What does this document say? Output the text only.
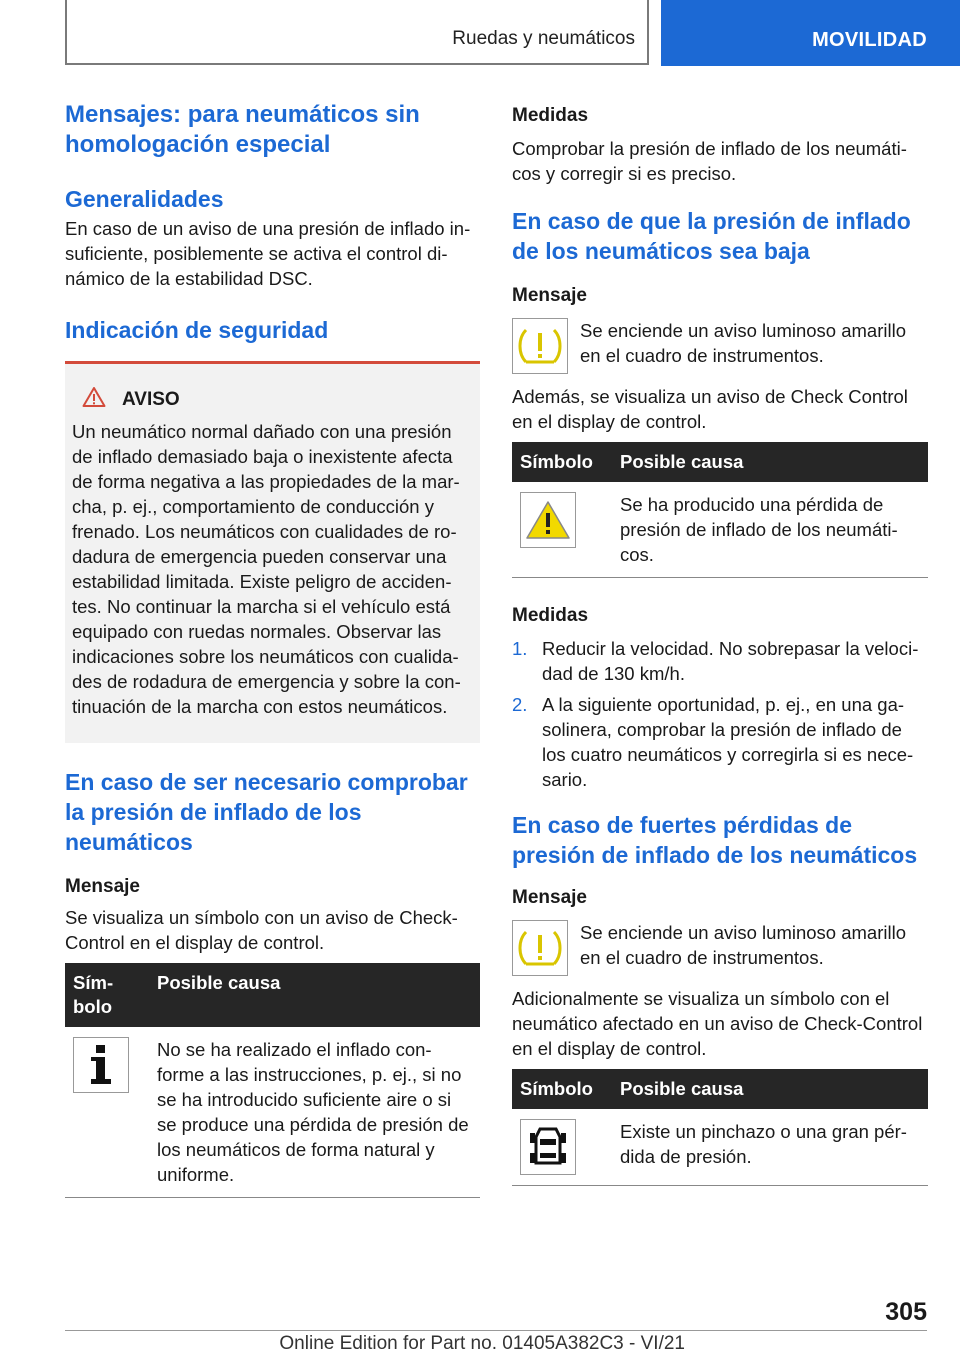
Ruedas y neumáticos	MOVILIDAD
Mensajes: para neumáticos sin homologación especial
Generalidades

En caso de un aviso de una presión de inflado insuficiente, posiblemente se activa el control dinámico de la estabilidad DSC.

Indicación de seguridad
AVISO

Un neumático normal dañado con una presión de inflado demasiado baja o inexistente afecta de forma negativa a las propiedades de la marcha, p. ej., comportamiento de conducción y frenado. Los neumáticos con cualidades de rodadura de emergencia pueden conservar una estabilidad limitada. Existe peligro de accidentes. No continuar la marcha si el vehículo está equipado con ruedas normales. Observar las indicaciones sobre los neumáticos con cualidades de rodadura de emergencia y sobre la continuación de la marcha con estos neumáticos.

En caso de ser necesario comprobar la presión de inflado de los neumáticos
Mensaje

Se visualiza un símbolo con un aviso de Check-Control en el display de control.

Símbolo	Posible causa

	No se ha realizado el inflado conforme a las instrucciones, p. ej., si no se ha introducido suficiente aire o si se produce una pérdida de presión de los neumáticos de forma natural y uniforme.
Medidas

Comprobar la presión de inflado de los neumáticos y corregir si es preciso.

En caso de que la presión de inflado de los neumáticos sea baja
Mensaje

Se enciende un aviso luminoso amarillo en el cuadro de instrumentos.

Además, se visualiza un aviso de Check Control en el display de control.

Símbolo	Posible causa

	Se ha producido una pérdida de presión de inflado de los neumáticos.
Medidas
1. Reducir la velocidad. No sobrepasar la velocidad de 130 km/h.
2. A la siguiente oportunidad, p. ej., en una gasolinera, comprobar la presión de inflado de los cuatro neumáticos y corregirla si es necesario.
En caso de fuertes pérdidas de presión de inflado de los neumáticos
Mensaje

Se enciende un aviso luminoso amarillo en el cuadro de instrumentos.

Adicionalmente se visualiza un símbolo con el neumático afectado en un aviso de Check-Control en el display de control.

Símbolo	Posible causa

	Existe un pinchazo o una gran pérdida de presión.
305
Online Edition for Part no. 01405A382C3 - VI/21
